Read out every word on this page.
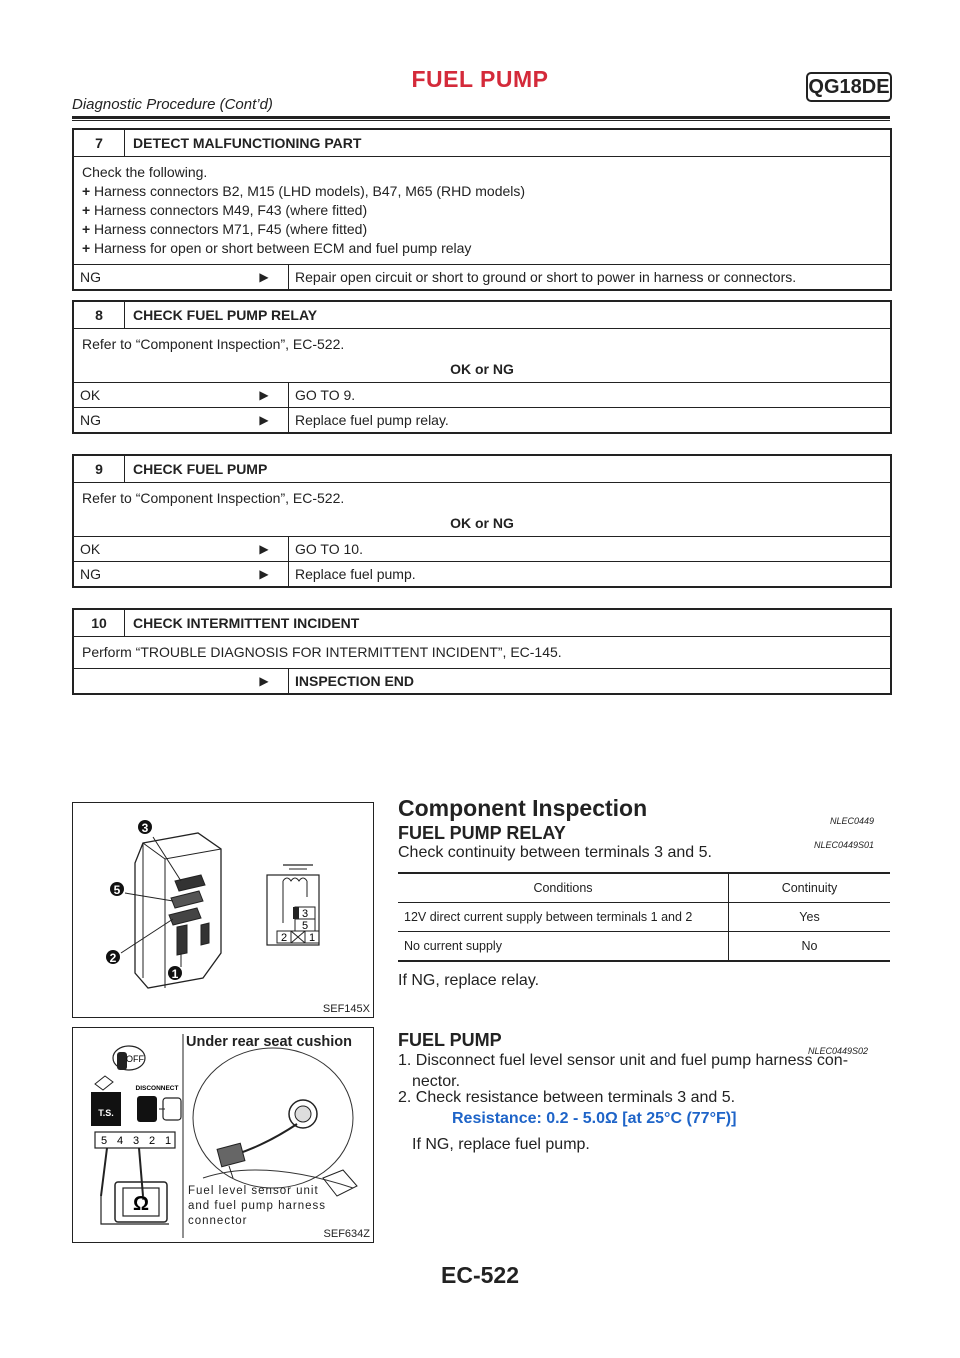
FUEL PUMP	QG18DE
Diagnostic Procedure (Cont’d)
7	DETECT MALFUNCTIONING PART
Check the following.
+ Harness connectors B2, M15 (LHD models), B47, M65 (RHD models)
+ Harness connectors M49, F43 (where fitted)
+ Harness connectors M71, F45 (where fitted)
+ Harness for open or short between ECM and fuel pump relay
NG	▶	Repair open circuit or short to ground or short to power in harness or connectors.
8	CHECK FUEL PUMP RELAY
Refer to “Component Inspection”, EC-522.
OK or NG
OK	▶	GO TO 9.
NG	▶	Replace fuel pump relay.
9	CHECK FUEL PUMP
Refer to “Component Inspection”, EC-522.
OK or NG
OK	▶	GO TO 10.
NG	▶	Replace fuel pump.
10	CHECK INTERMITTENT INCIDENT
Perform “TROUBLE DIAGNOSIS FOR INTERMITTENT INCIDENT”, EC-145.
▶	INSPECTION END
3
5
2
1
3
5
2 1
SEF145X
OFF
T.S.
DISCONNECT
5 4 3 2 1
Ω
Under rear seat cushion
Fuel level sensor unit
and fuel pump harness
connector
SEF634Z
Component Inspection	NLEC0449
FUEL PUMP RELAY
NLEC0449S01
Check continuity between terminals 3 and 5.
Conditions	Continuity
12V direct current supply between terminals 1 and 2	Yes
No current supply	No
If NG, replace relay.
FUEL PUMP
NLEC0449S02
1. Disconnect fuel level sensor unit and fuel pump harness con-
nector.
2. Check resistance between terminals 3 and 5.
Resistance: 0.2 - 5.0Ω [at 25°C (77°F)]
If NG, replace fuel pump.
EC-522
